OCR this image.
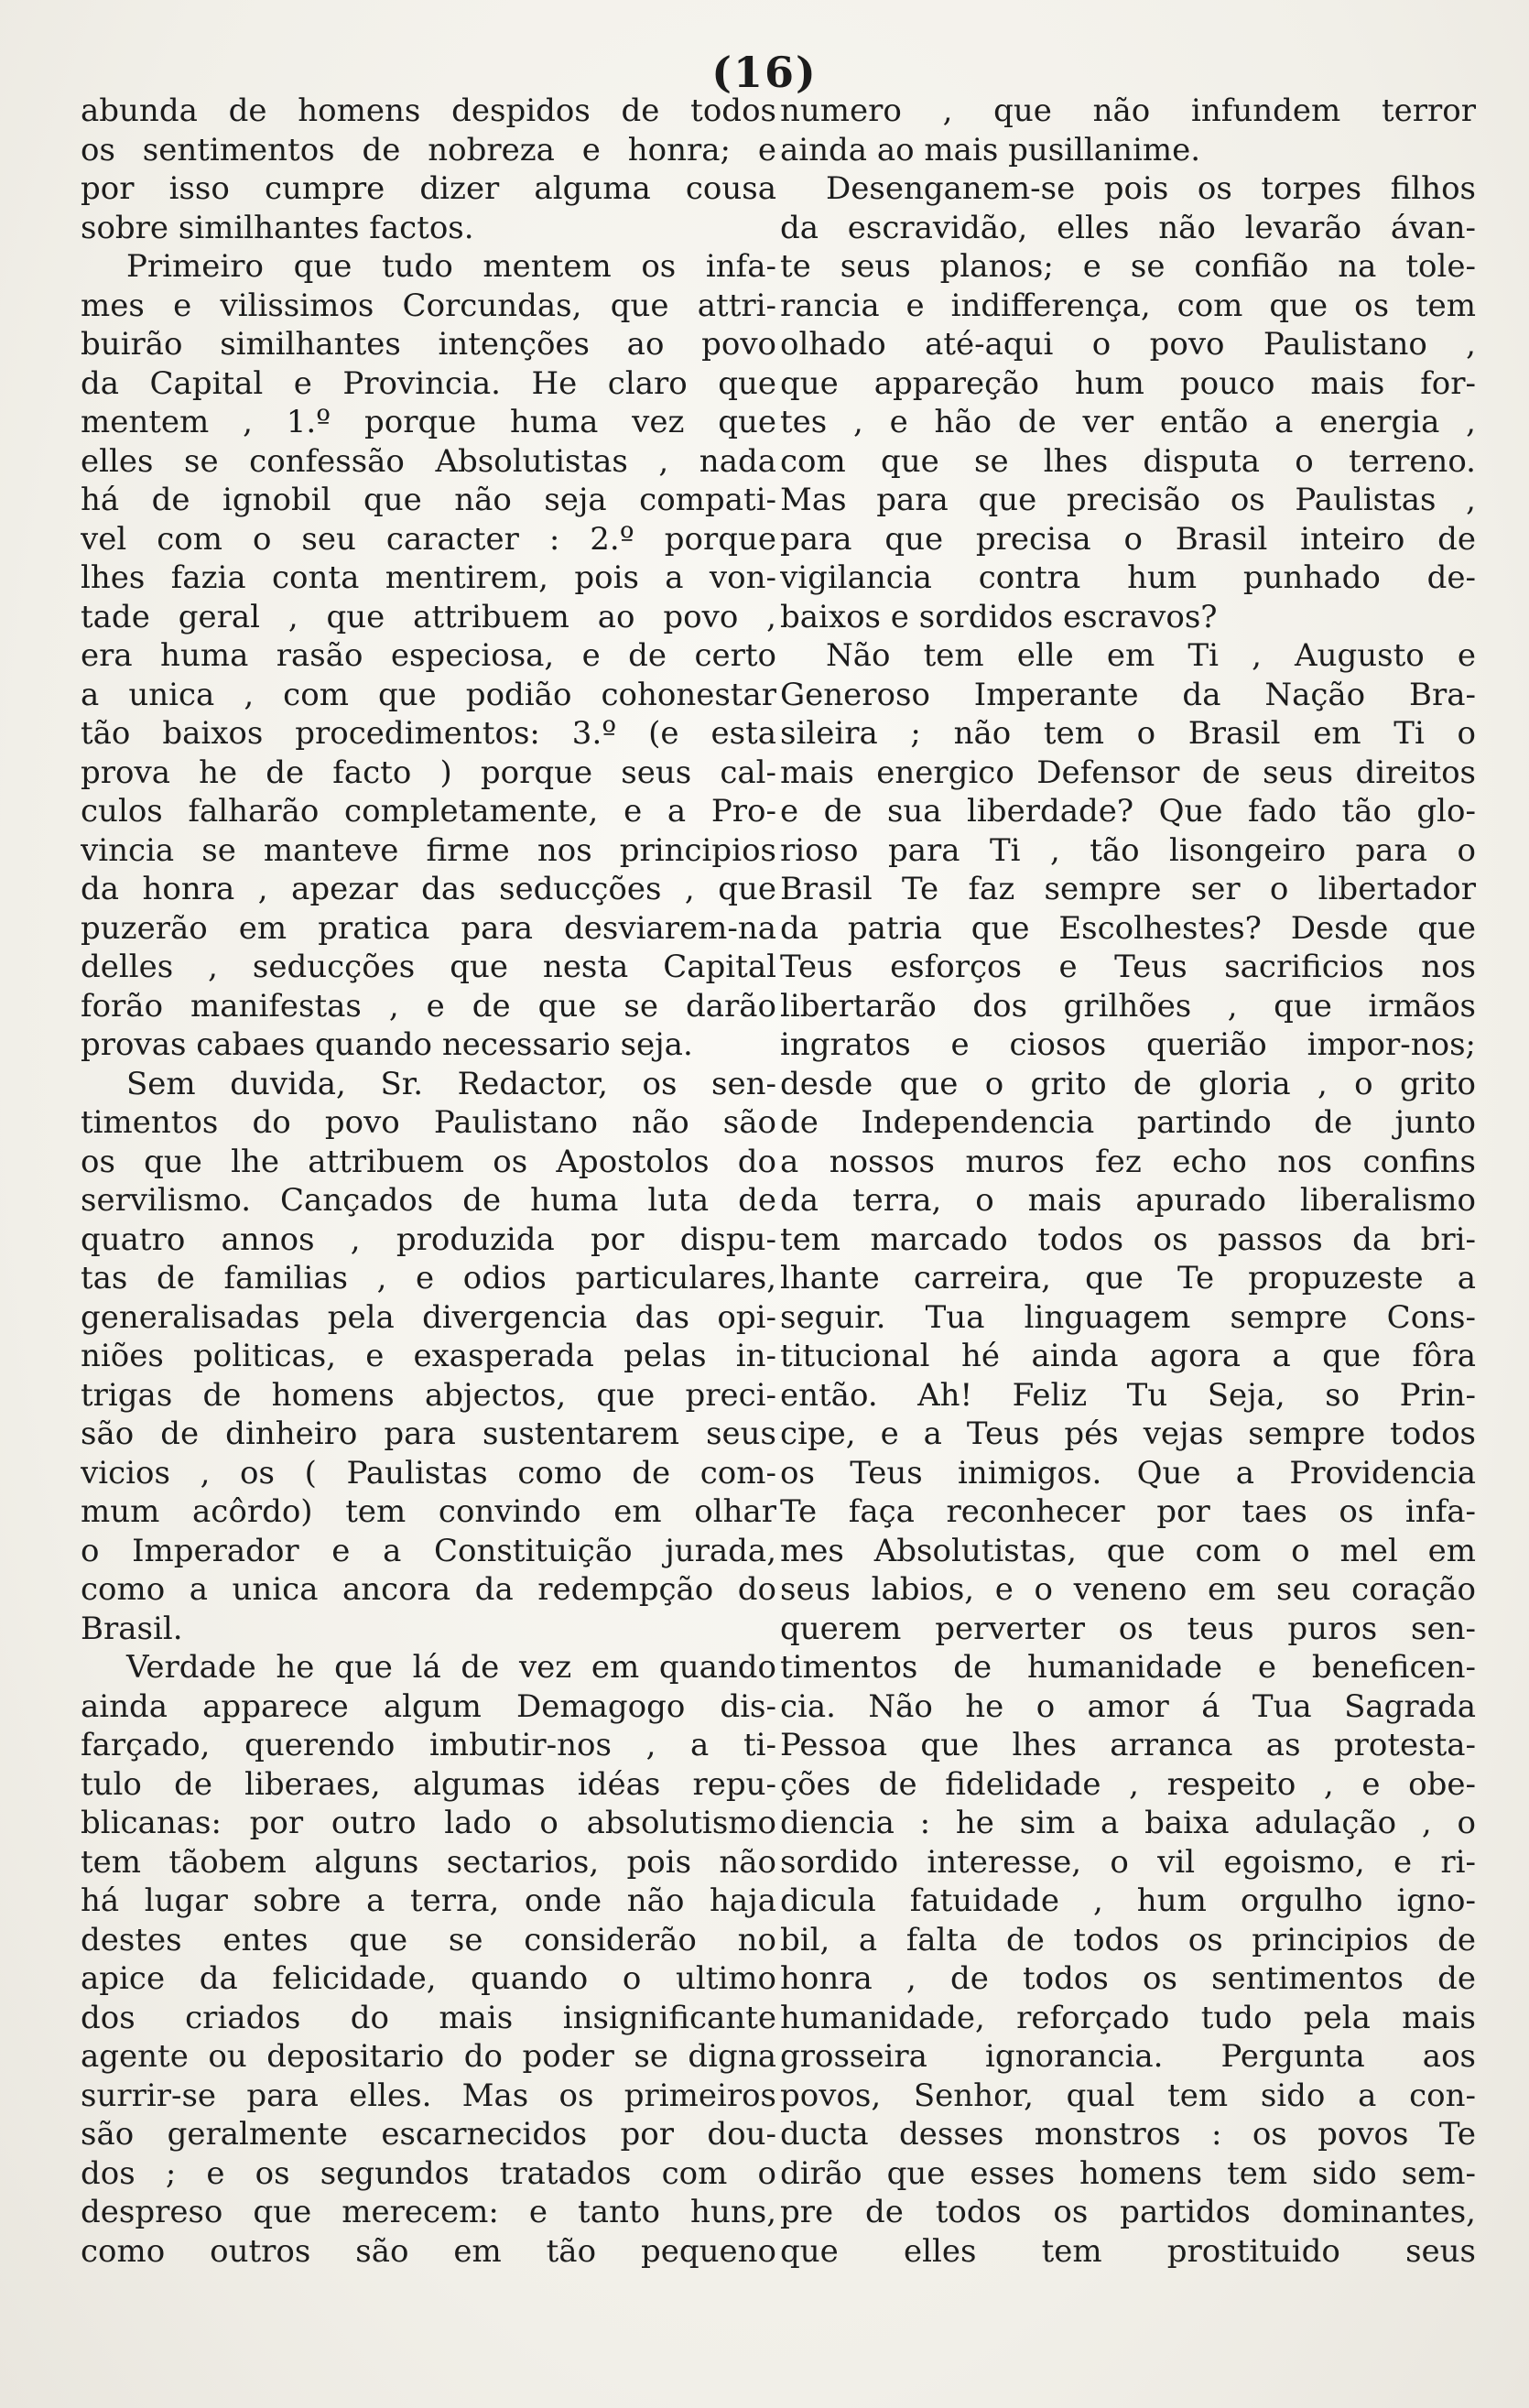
(16)
abunda de homens despidos de todos
os sentimentos de nobreza e honra; e
por isso cumpre dizer alguma cousa
sobre similhantes factos.
Primeiro que tudo mentem os infa-
mes e vilissimos Corcundas, que attri-
buirão similhantes intenções ao povo
da Capital e Provincia. He claro que
mentem , 1.º porque huma vez que
elles se confessão Absolutistas , nada
há de ignobil que não seja compati-
vel com o seu caracter : 2.º porque
lhes fazia conta mentirem, pois a von-
tade geral , que attribuem ao povo ,
era huma rasão especiosa, e de certo
a unica , com que podião cohonestar
tão baixos procedimentos: 3.º (e esta
prova he de facto ) porque seus cal-
culos falharão completamente, e a Pro-
vincia se manteve firme nos principios
da honra , apezar das seducções , que
puzerão em pratica para desviarem-na
delles , seducções que nesta Capital
forão manifestas , e de que se darão
provas cabaes quando necessario seja.
Sem duvida, Sr. Redactor, os sen-
timentos do povo Paulistano não são
os que lhe attribuem os Apostolos do
servilismo. Cançados de huma luta de
quatro annos , produzida por dispu-
tas de familias , e odios particulares,
generalisadas pela divergencia das opi-
niões politicas, e exasperada pelas in-
trigas de homens abjectos, que preci-
são de dinheiro para sustentarem seus
vicios , os ( Paulistas como de com-
mum acôrdo) tem convindo em olhar
o Imperador e a Constituição jurada,
como a unica ancora da redempção do
Brasil.
Verdade he que lá de vez em quando
ainda apparece algum Demagogo dis-
farçado, querendo imbutir-nos , a ti-
tulo de liberaes, algumas idéas repu-
blicanas: por outro lado o absolutismo
tem tãobem alguns sectarios, pois não
há lugar sobre a terra, onde não haja
destes entes que se considerão no
apice da felicidade, quando o ultimo
dos criados do mais insignificante
agente ou depositario do poder se digna
surrir-se para elles. Mas os primeiros
são geralmente escarnecidos por dou-
dos ; e os segundos tratados com o
despreso que merecem: e tanto huns,
como outros são em tão pequeno
numero , que não infundem terror
ainda ao mais pusillanime.
Desenganem-se pois os torpes filhos
da escravidão, elles não levarão ávan-
te seus planos; e se confião na tole-
rancia e indifferença, com que os tem
olhado até-aqui o povo Paulistano ,
que appareção hum pouco mais for-
tes , e hão de ver então a energia ,
com que se lhes disputa o terreno.
Mas para que precisão os Paulistas ,
para que precisa o Brasil inteiro de
vigilancia contra hum punhado de-
baixos e sordidos escravos?
Não tem elle em Ti , Augusto e
Generoso Imperante da Nação Bra-
sileira ; não tem o Brasil em Ti o
mais energico Defensor de seus direitos
e de sua liberdade? Que fado tão glo-
rioso para Ti , tão lisongeiro para o
Brasil Te faz sempre ser o libertador
da patria que Escolhestes? Desde que
Teus esforços e Teus sacrificios nos
libertarão dos grilhões , que irmãos
ingratos e ciosos querião impor-nos;
desde que o grito de gloria , o grito
de Independencia partindo de junto
a nossos muros fez echo nos confins
da terra, o mais apurado liberalismo
tem marcado todos os passos da bri-
lhante carreira, que Te propuzeste a
seguir. Tua linguagem sempre Cons-
titucional hé ainda agora a que fôra
então. Ah! Feliz Tu Seja, so Prin-
cipe, e a Teus pés vejas sempre todos
os Teus inimigos. Que a Providencia
Te faça reconhecer por taes os infa-
mes Absolutistas, que com o mel em
seus labios, e o veneno em seu coração
querem perverter os teus puros sen-
timentos de humanidade e beneficen-
cia. Não he o amor á Tua Sagrada
Pessoa que lhes arranca as protesta-
ções de fidelidade , respeito , e obe-
diencia : he sim a baixa adulação , o
sordido interesse, o vil egoismo, e ri-
dicula fatuidade , hum orgulho igno-
bil, a falta de todos os principios de
honra , de todos os sentimentos de
humanidade, reforçado tudo pela mais
grosseira ignorancia. Pergunta aos
povos, Senhor, qual tem sido a con-
ducta desses monstros : os povos Te
dirão que esses homens tem sido sem-
pre de todos os partidos dominantes,
que elles tem prostituido seus
